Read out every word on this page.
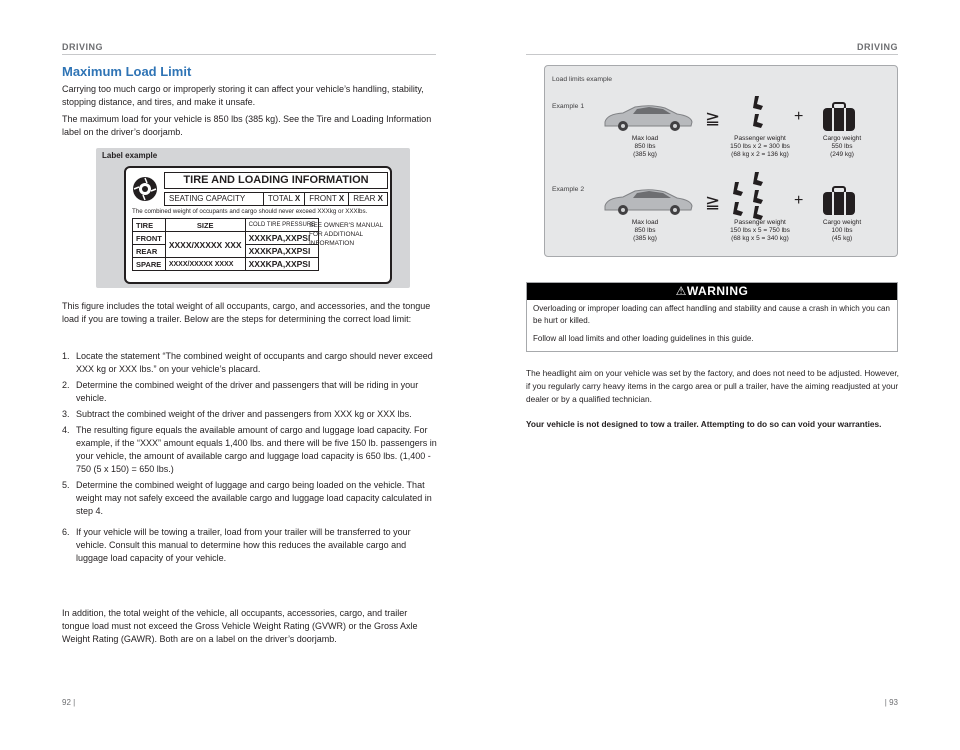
DRIVING
Maximum Load Limit
Carrying too much cargo or improperly storing it can affect your vehicle’s handling, stability, stopping distance, and tires, and make it unsafe.
The maximum load for your vehicle is 850 lbs (385 kg). See the Tire and Loading Information label on the driver’s doorjamb.
Label example
TIRE AND LOADING INFORMATION
SEATING CAPACITY	TOTAL X	FRONT X	REAR X
The combined weight of occupants and cargo should never exceed XXXkg or XXXlbs.
TIRE	SIZE	COLD TIRE PRESSURE
FRONT	XXXX/XXXXX XXX	XXXKPA,XXPSI
REAR		XXXKPA,XXPSI
SPARE	XXXX/XXXXX XXXX	XXXKPA,XXPSI
SEE OWNER'S MANUAL FOR ADDITIONAL INFORMATION
This figure includes the total weight of all occupants, cargo, and accessories, and the tongue load if you are towing a trailer. Below are the steps for determining the correct load limit:
1. Locate the statement “The combined weight of occupants and cargo should never exceed XXX kg or XXX lbs.” on your vehicle’s placard.
2. Determine the combined weight of the driver and passengers that will be riding in your vehicle.
3. Subtract the combined weight of the driver and passengers from XXX kg or XXX lbs.
4. The resulting figure equals the available amount of cargo and luggage load capacity. For example, if the “XXX” amount equals 1,400 lbs. and there will be five 150 lb. passengers in your vehicle, the amount of available cargo and luggage load capacity is 650 lbs. (1,400 - 750 (5 x 150) = 650 lbs.)
5. Determine the combined weight of luggage and cargo being loaded on the vehicle. That weight may not safely exceed the available cargo and luggage load capacity calculated in step 4.
6. If your vehicle will be towing a trailer, load from your trailer will be transferred to your vehicle. Consult this manual to determine how this reduces the available cargo and luggage load capacity of your vehicle.
In addition, the total weight of the vehicle, all occupants, accessories, cargo, and trailer tongue load must not exceed the Gross Vehicle Weight Rating (GVWR) or the Gross Axle Weight Rating (GAWR). Both are on a label on the driver’s doorjamb.
92 |
DRIVING
Load limits example
Example 1
≧	+
Max load
850 lbs
(385 kg)
Passenger weight
150 lbs x 2 = 300 lbs
(68 kg x 2 = 136 kg)
Cargo weight
550 lbs
(249 kg)
Example 2
≧	+
Max load
850 lbs
(385 kg)
Passenger weight
150 lbs x 5 = 750 lbs
(68 kg x 5 = 340 kg)
Cargo weight
100 lbs
(45 kg)
⚠WARNING
Overloading or improper loading can affect handling and stability and cause a crash in which you can be hurt or killed.
Follow all load limits and other loading guidelines in this guide.
The headlight aim on your vehicle was set by the factory, and does not need to be adjusted. However, if you regularly carry heavy items in the cargo area or pull a trailer, have the aiming readjusted at your dealer or by a qualified technician.
Your vehicle is not designed to tow a trailer. Attempting to do so can void your warranties.
| 93
